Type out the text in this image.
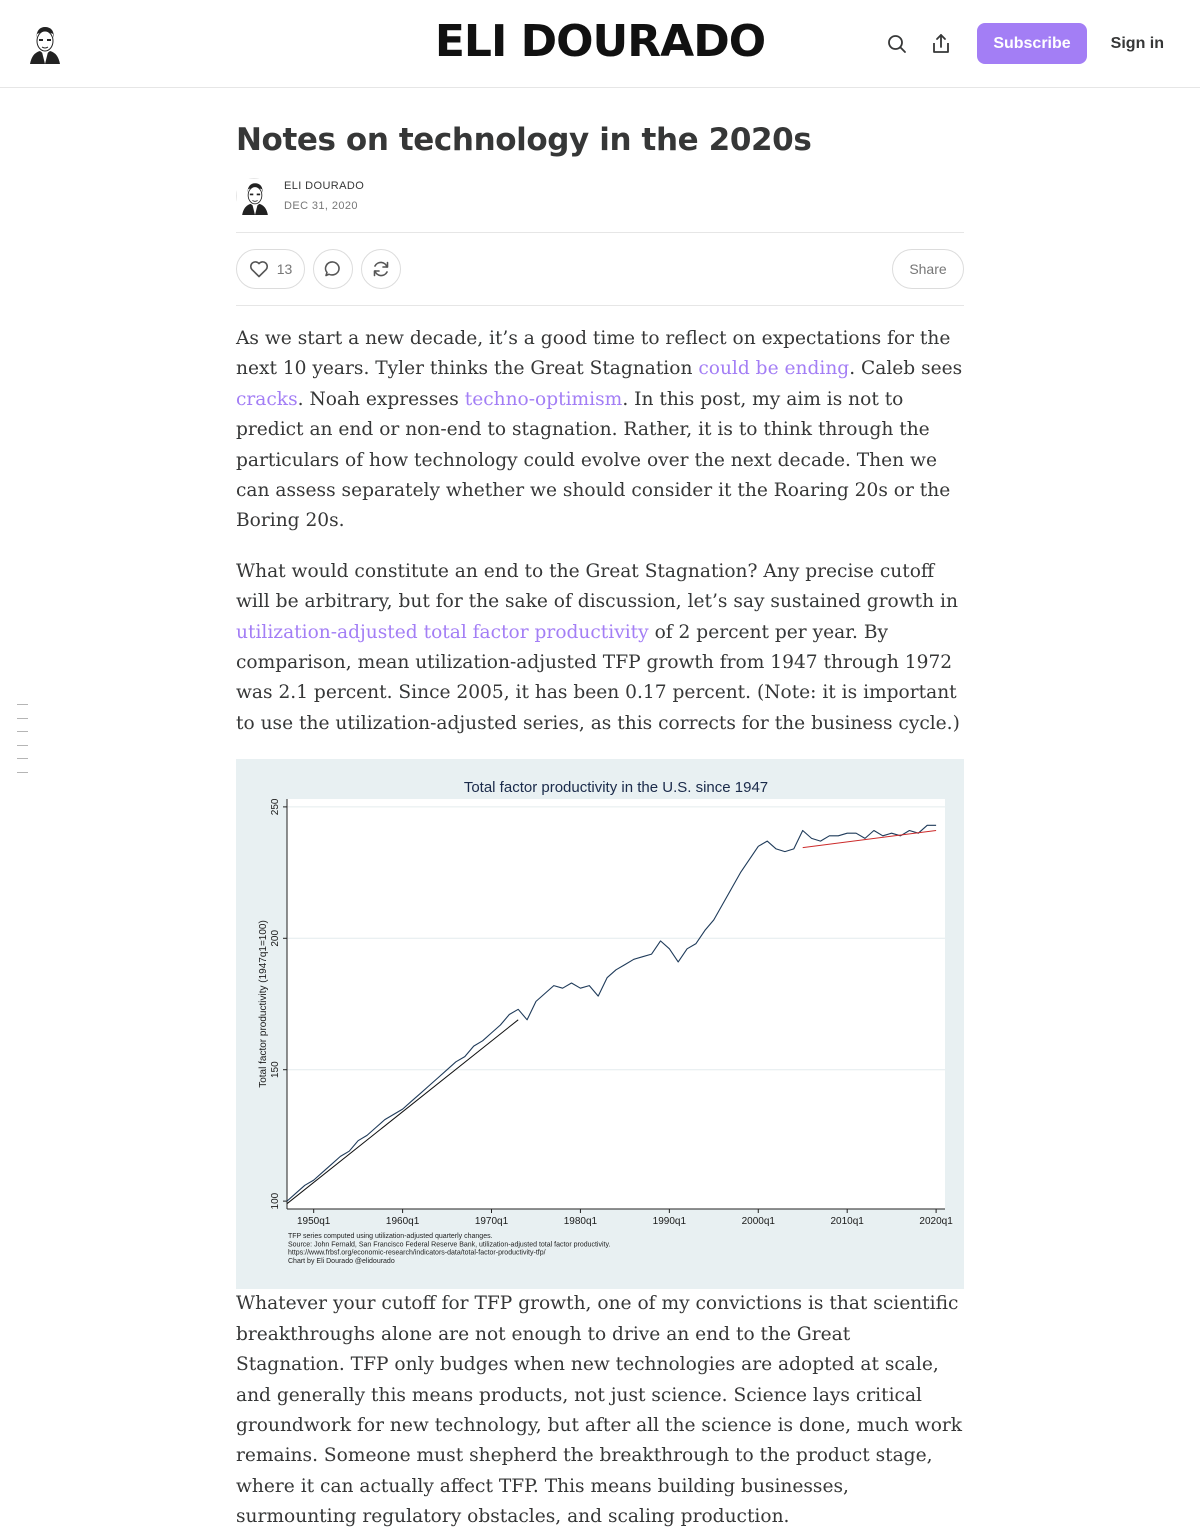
ELI DOURADO	Subscribe	Sign in
Notes on technology in the 2020s
ELI DOURADO
DEC 31, 2020
13	Share

As we start a new decade, it’s a good time to reflect on expectations for the next 10 years. Tyler thinks the Great Stagnation could be ending. Caleb sees cracks. Noah expresses techno-optimism. In this post, my aim is not to predict an end or non-end to stagnation. Rather, it is to think through the particulars of how technology could evolve over the next decade. Then we can assess separately whether we should consider it the Roaring 20s or the Boring 20s.

What would constitute an end to the Great Stagnation? Any precise cutoff will be arbitrary, but for the sake of discussion, let’s say sustained growth in utilization-adjusted total factor productivity of 2 percent per year. By comparison, mean utilization-adjusted TFP growth from 1947 through 1972 was 2.1 percent. Since 2005, it has been 0.17 percent. (Note: it is important to use the utilization-adjusted series, as this corrects for the business cycle.)

Total factor productivity in the U.S. since 1947
100
150
200
250
1950q1	1960q1	1970q1	1980q1	1990q1	2000q1	2010q1	2020q1
Total factor productivity (1947q1=100)
TFP series computed using utilization-adjusted quarterly changes.
Source: John Fernald, San Francisco Federal Reserve Bank, utilization-adjusted total factor productivity.
https://www.frbsf.org/economic-research/indicators-data/total-factor-productivity-tfp/
Chart by Eli Dourado @elidourado

Whatever your cutoff for TFP growth, one of my convictions is that scientific breakthroughs alone are not enough to drive an end to the Great Stagnation. TFP only budges when new technologies are adopted at scale, and generally this means products, not just science. Science lays critical groundwork for new technology, but after all the science is done, much work remains. Someone must shepherd the breakthrough to the product stage, where it can actually affect TFP. This means building businesses, surmounting regulatory obstacles, and scaling production.
